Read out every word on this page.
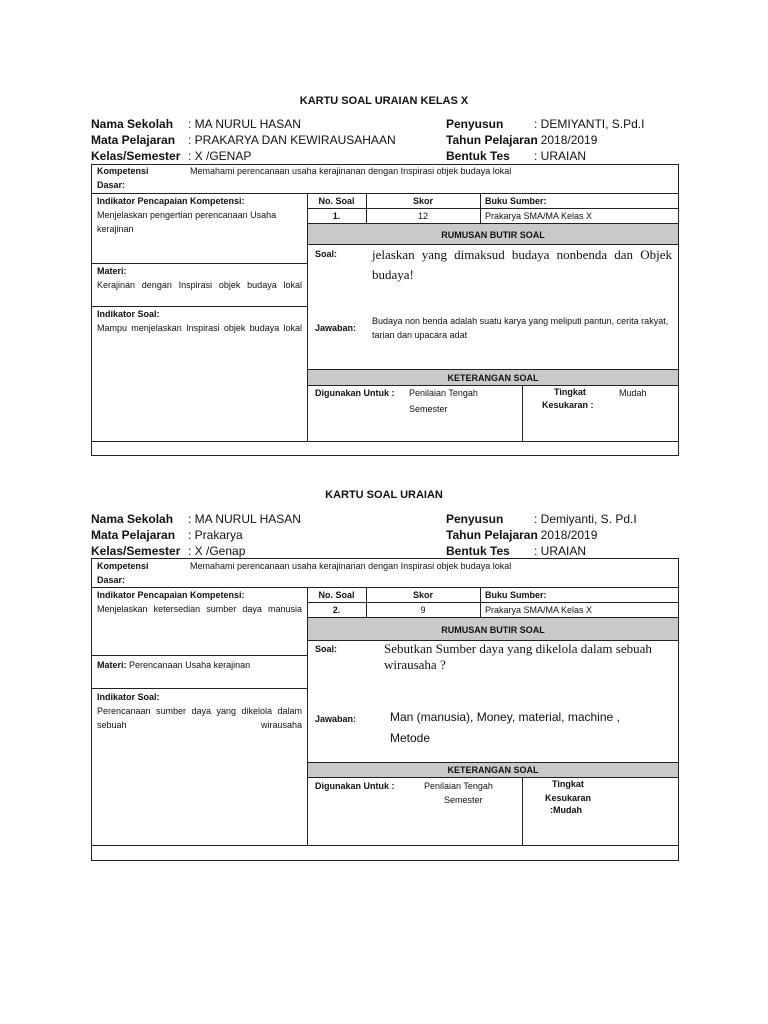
KARTU SOAL URAIAN KELAS X
Nama Sekolah : MA NURUL HASAN
Mata Pelajaran : PRAKARYA DAN KEWIRAUSAHAAN
Kelas/Semester : X /GENAP
Penyusun	: DEMIYANTI, S.Pd.I
Tahun Pelajaran
: 2018/2019
Bentuk Tes : URAIAN
Kompetensi
Dasar:
Memahami perencanaan usaha kerajinanan dengan Inspirasi objek budaya lokal
Indikator Pencapaian Kompetensi:
Menjelaskan pengertian perencanaan Usaha kerajinan
No. Soal	Skor	Buku Sumber:
1.	12	Prakarya SMA/MA Kelas X
RUMUSAN BUTIR SOAL
Materi:
Kerajinan dengan Inspirasi objek budaya lokal
Indikator Soal:
Mampu menjelaskan Inspirasi objek budaya lokal
Soal:	jelaskan yang dimaksud budaya nonbenda dan Objek budaya!
Jawaban:
Budaya non benda adalah suatu karya yang meliputi pantun, cerita rakyat, tarian dan upacara adat
KETERANGAN SOAL
Digunakan Untuk : Penilaian Tengah
Semester
Tingkat
Kesukaran :
Mudah
KARTU SOAL URAIAN
Nama Sekolah : MA NURUL HASAN
Mata Pelajaran : Prakarya
Kelas/Semester : X /Genap
Penyusun	: Demiyanti, S. Pd.I
Tahun Pelajaran
: 2018/2019
Bentuk Tes : URAIAN
Kompetensi
Dasar:
Memahami perencanaan usaha kerajinanan dengan Inspirasi objek budaya lokal
Indikator Pencapaian Kompetensi:
Menjelaskan ketersedian sumber daya manusia
No. Soal	Skor	Buku Sumber:
2.	9	Prakarya SMA/MA Kelas X
RUMUSAN BUTIR SOAL
Materi: Perencanaan Usaha kerajinan
Indikator Soal:
Perencanaan sumber daya yang dikelola dalam sebuah wirausaha
Soal:	Sebutkan Sumber daya yang dikelola dalam sebuah wirausaha ?
Jawaban:	Man (manusia), Money, material, machine , Metode
KETERANGAN SOAL
Digunakan Untuk :	Penilaian Tengah
Semester
Tingkat
Kesukaran
:Mudah
